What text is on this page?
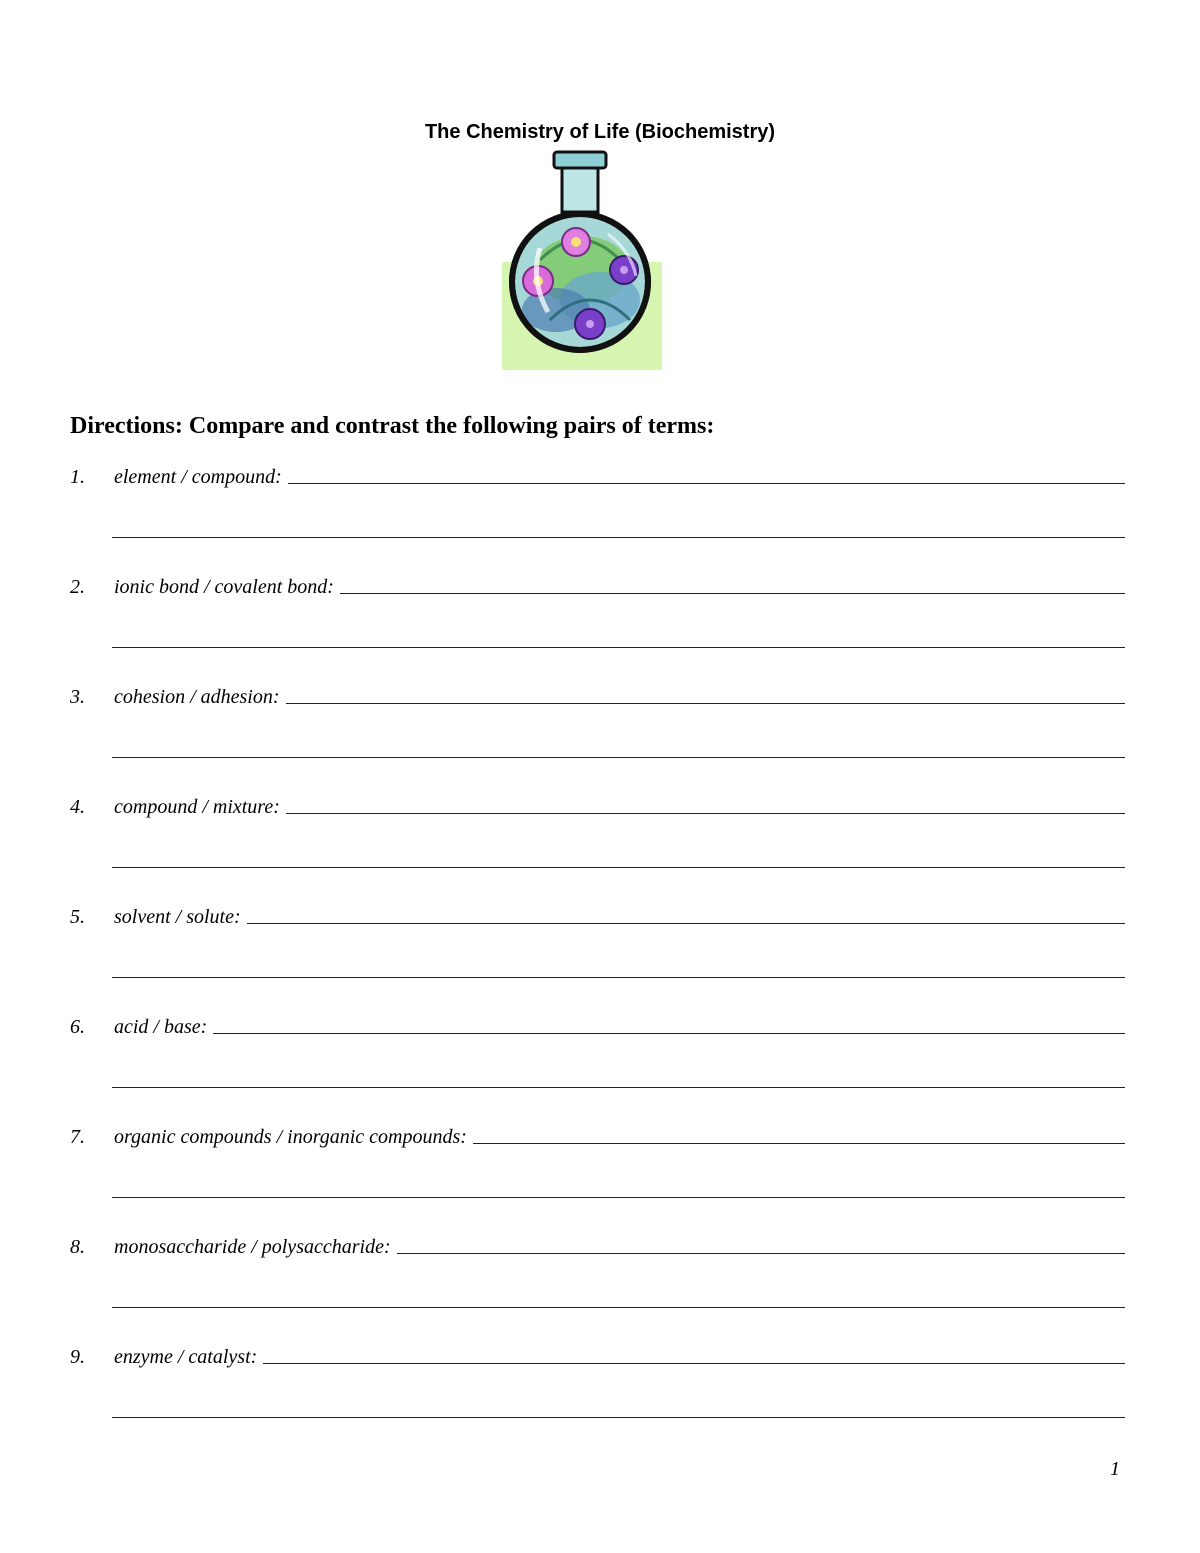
The Chemistry of Life (Biochemistry)
Directions: Compare and contrast the following pairs of terms:
1.	element / compound:
2.	ionic bond / covalent bond:
3.	cohesion / adhesion:
4.	compound / mixture:
5.	solvent / solute:
6.	acid / base:
7.	organic compounds / inorganic compounds:
8.	monosaccharide / polysaccharide:
9.	enzyme / catalyst:

1
